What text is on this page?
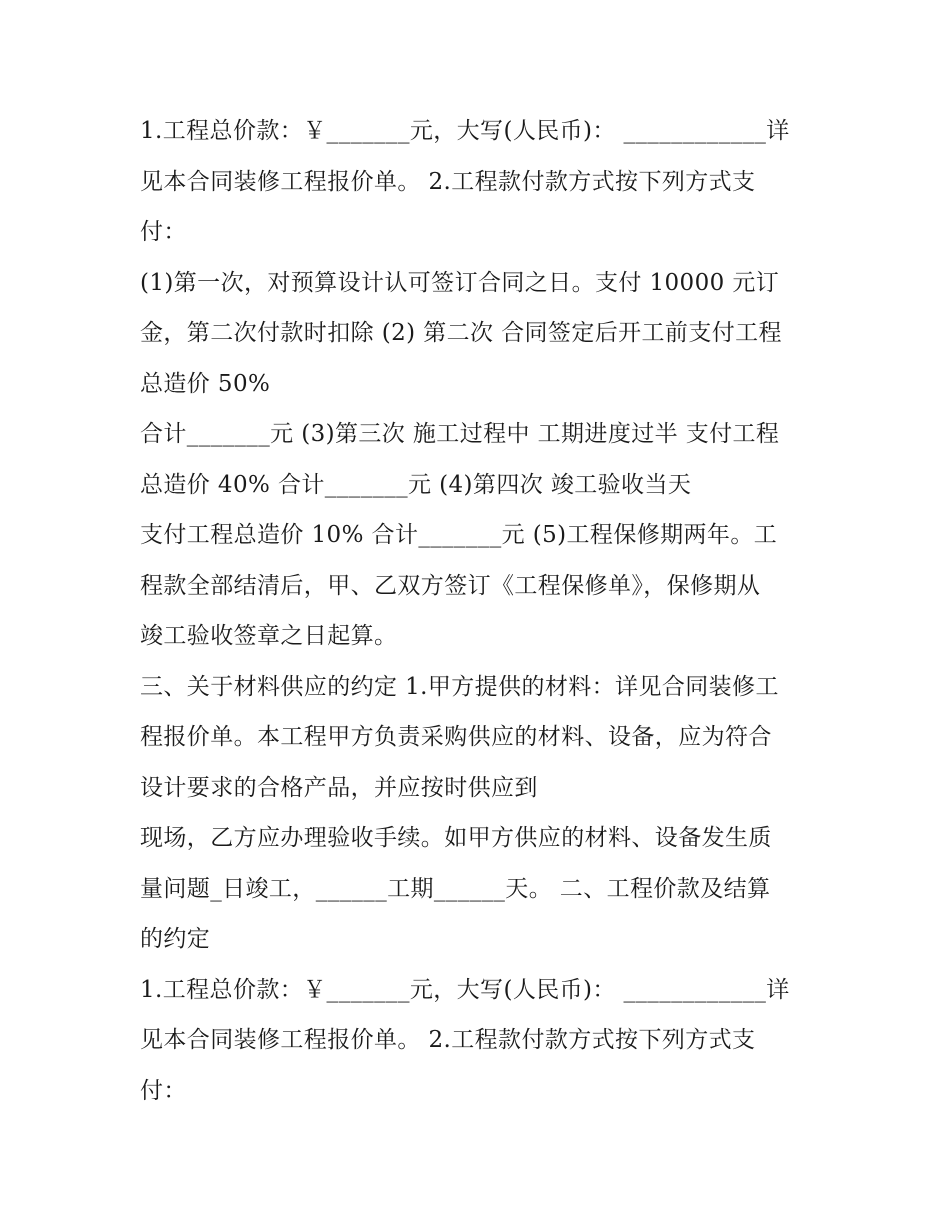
1.工程总价款：￥_______元，大写(人民币)： ____________详
见本合同装修工程报价单。 2.工程款付款方式按下列方式支
付：
(1)第一次，对预算设计认可签订合同之日。支付 10000 元订
金，第二次付款时扣除 (2) 第二次 合同签定后开工前支付工程
总造价 50%
合计_______元 (3)第三次 施工过程中 工期进度过半 支付工程
总造价 40% 合计_______元 (4)第四次 竣工验收当天
支付工程总造价 10% 合计_______元 (5)工程保修期两年。工
程款全部结清后，甲、乙双方签订《工程保修单》，保修期从
竣工验收签章之日起算。
三、关于材料供应的约定 1.甲方提供的材料：详见合同装修工
程报价单。本工程甲方负责采购供应的材料、设备，应为符合
设计要求的合格产品，并应按时供应到
现场，乙方应办理验收手续。如甲方供应的材料、设备发生质
量问题_日竣工，______工期______天。 二、工程价款及结算
的约定
1.工程总价款：￥_______元，大写(人民币)： ____________详
见本合同装修工程报价单。 2.工程款付款方式按下列方式支
付：
